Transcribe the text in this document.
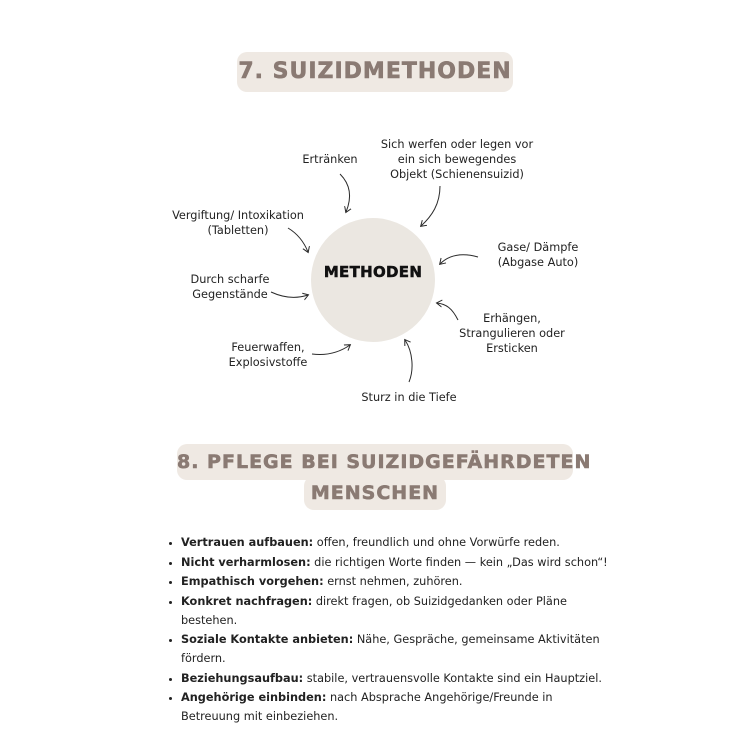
7. SUIZIDMETHODEN
METHODEN
Ertränken
Sich werfen oder legen vor
ein sich bewegendes
Objekt (Schienensuizid)
Vergiftung/ Intoxikation
(Tabletten)
Gase/ Dämpfe
(Abgase Auto)
Durch scharfe
Gegenstände
Erhängen,
Strangulieren oder
Ersticken
Feuerwaffen,
Explosivstoffe
Sturz in die Tiefe
8. PFLEGE BEI SUIZIDGEFÄHRDETEN
MENSCHEN
• Vertrauen aufbauen: offen, freundlich und ohne Vorwürfe reden.
• Nicht verharmlosen: die richtigen Worte finden — kein „Das wird schon“!
• Empathisch vorgehen: ernst nehmen, zuhören.
• Konkret nachfragen: direkt fragen, ob Suizidgedanken oder Pläne bestehen.
• Soziale Kontakte anbieten: Nähe, Gespräche, gemeinsame Aktivitäten fördern.
• Beziehungsaufbau: stabile, vertrauensvolle Kontakte sind ein Hauptziel.
• Angehörige einbinden: nach Absprache Angehörige/Freunde in Betreuung mit einbeziehen.
